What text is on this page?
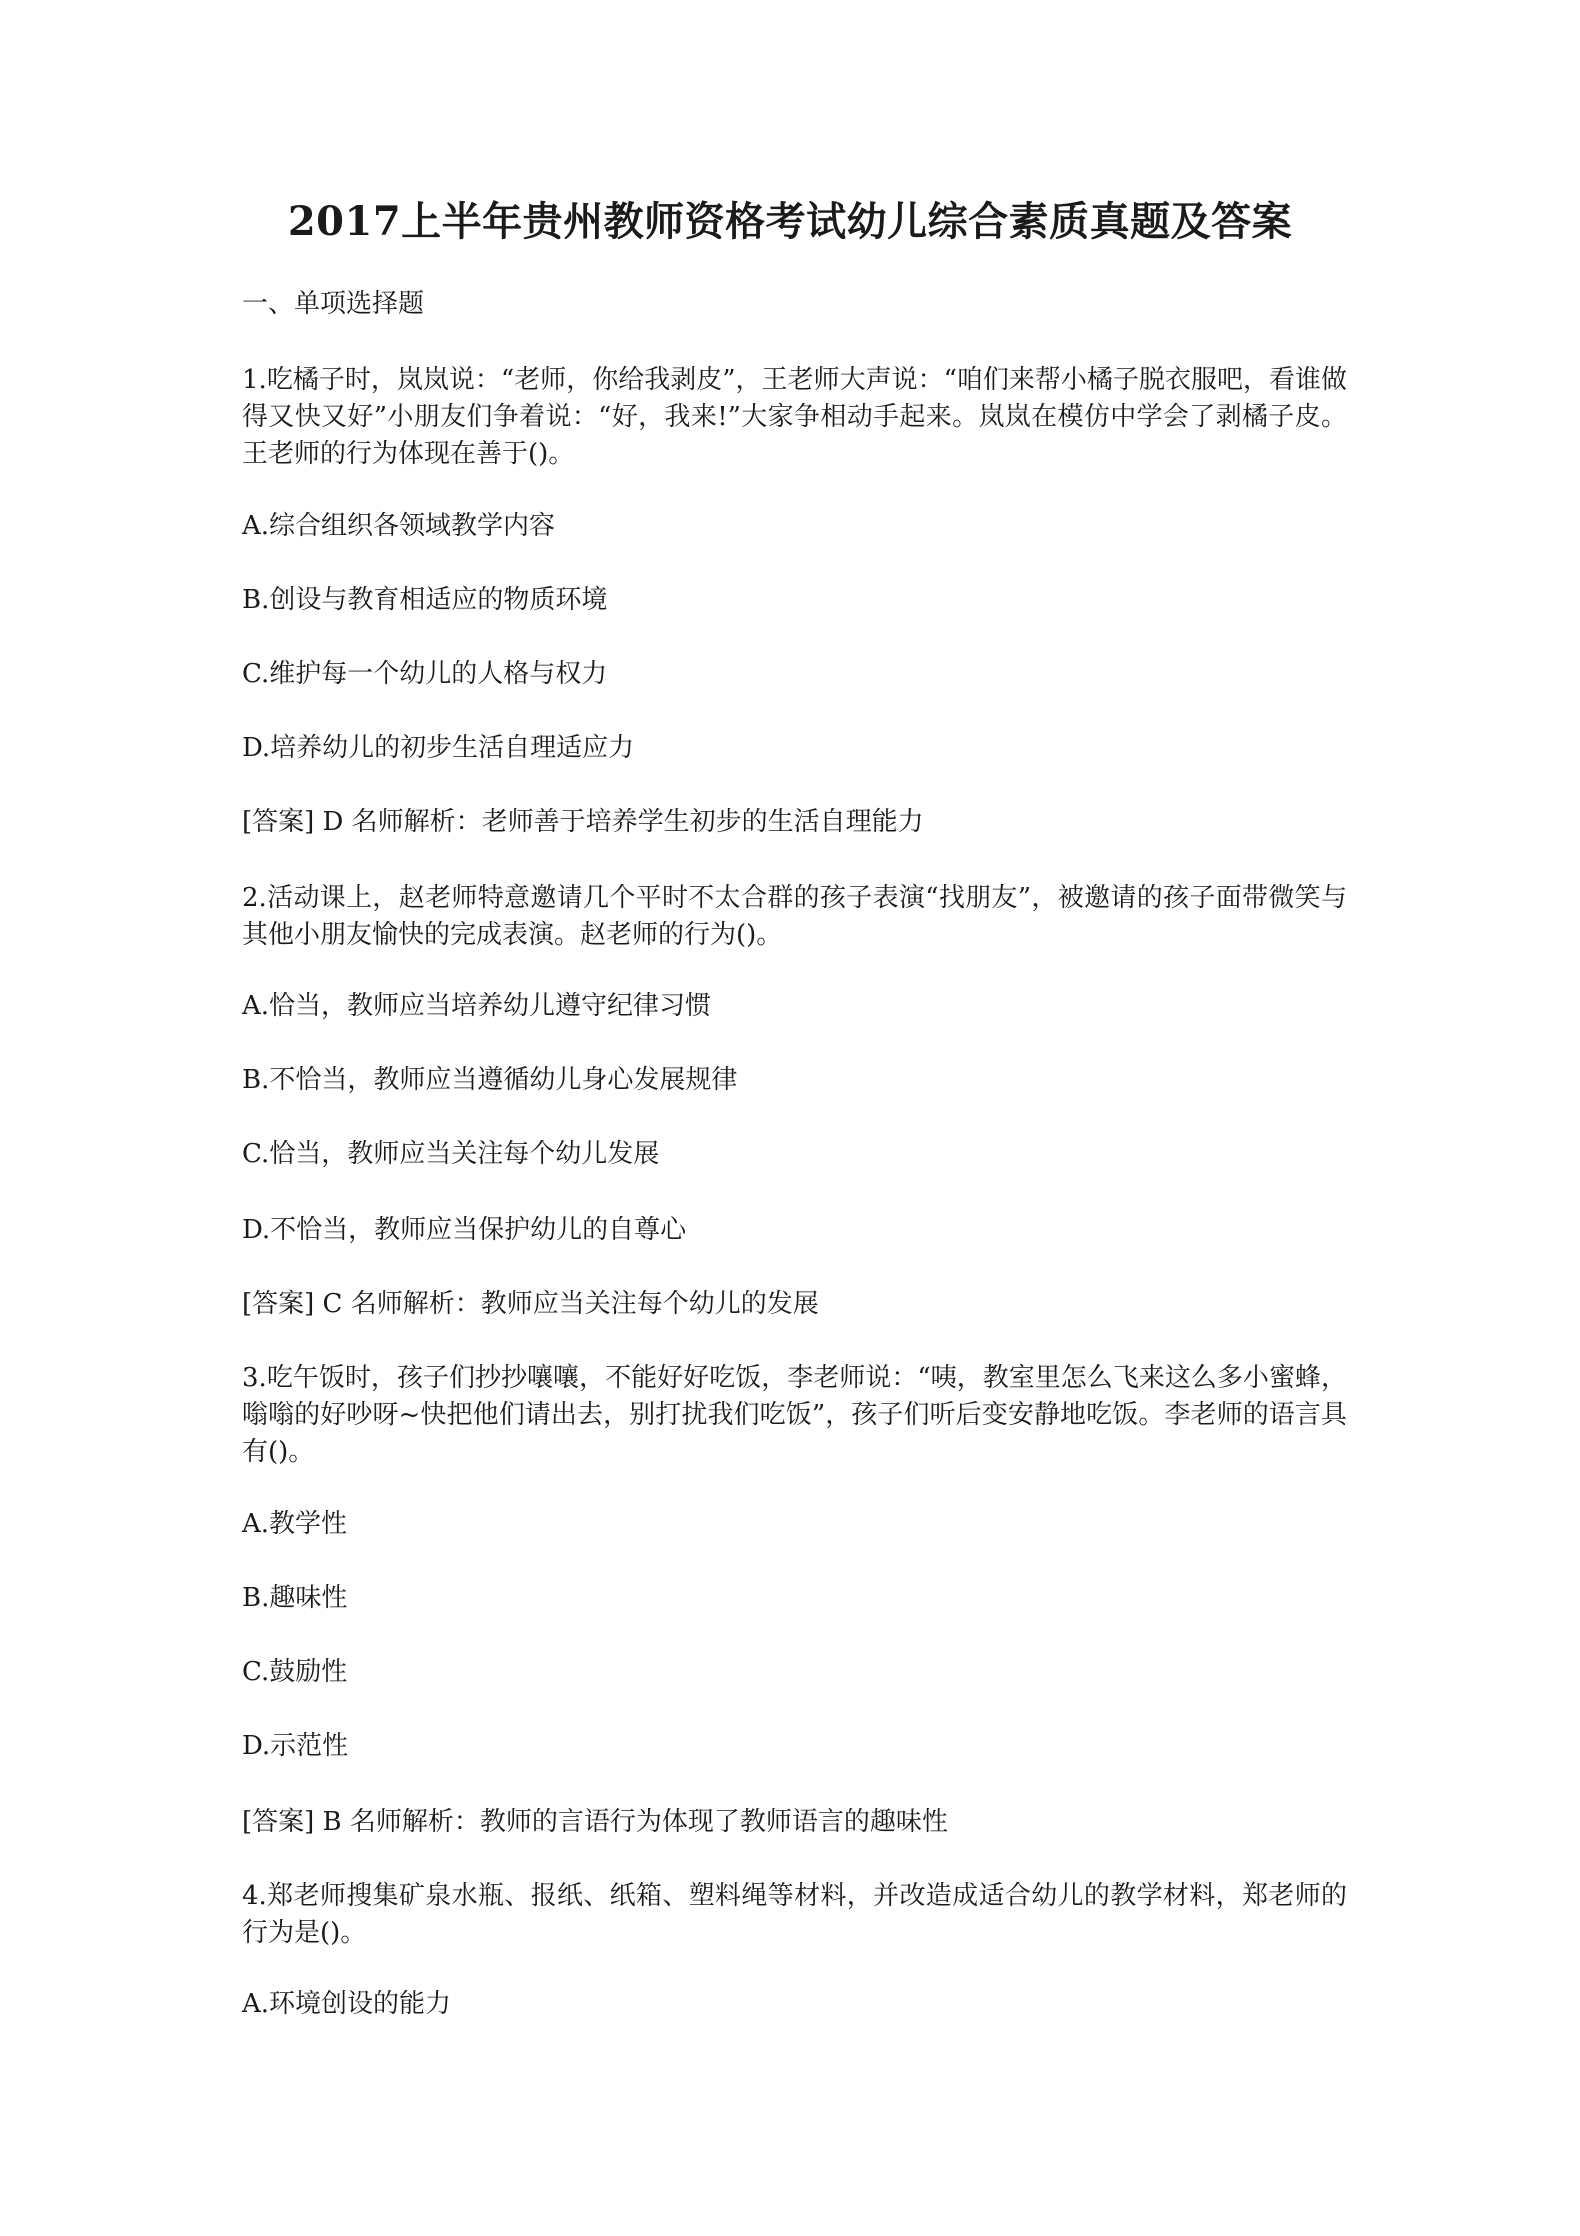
2017上半年贵州教师资格考试幼儿综合素质真题及答案

一、单项选择题

1.吃橘子时，岚岚说：“老师，你给我剥皮”，王老师大声说：“咱们来帮小橘子脱衣服吧，看谁做得又快又好”小朋友们争着说：“好，我来!”大家争相动手起来。岚岚在模仿中学会了剥橘子皮。王老师的行为体现在善于()。

A.综合组织各领域教学内容

B.创设与教育相适应的物质环境

C.维护每一个幼儿的人格与权力

D.培养幼儿的初步生活自理适应力

[答案] D 名师解析：老师善于培养学生初步的生活自理能力

2.活动课上，赵老师特意邀请几个平时不太合群的孩子表演“找朋友”，被邀请的孩子面带微笑与其他小朋友愉快的完成表演。赵老师的行为()。

A.恰当，教师应当培养幼儿遵守纪律习惯

B.不恰当，教师应当遵循幼儿身心发展规律

C.恰当，教师应当关注每个幼儿发展

D.不恰当，教师应当保护幼儿的自尊心

[答案] C 名师解析：教师应当关注每个幼儿的发展

3.吃午饭时，孩子们抄抄嚷嚷，不能好好吃饭，李老师说：“咦，教室里怎么飞来这么多小蜜蜂，嗡嗡的好吵呀~快把他们请出去，别打扰我们吃饭”，孩子们听后变安静地吃饭。李老师的语言具有()。

A.教学性

B.趣味性

C.鼓励性

D.示范性

[答案] B 名师解析：教师的言语行为体现了教师语言的趣味性

4.郑老师搜集矿泉水瓶、报纸、纸箱、塑料绳等材料，并改造成适合幼儿的教学材料，郑老师的行为是()。

A.环境创设的能力
